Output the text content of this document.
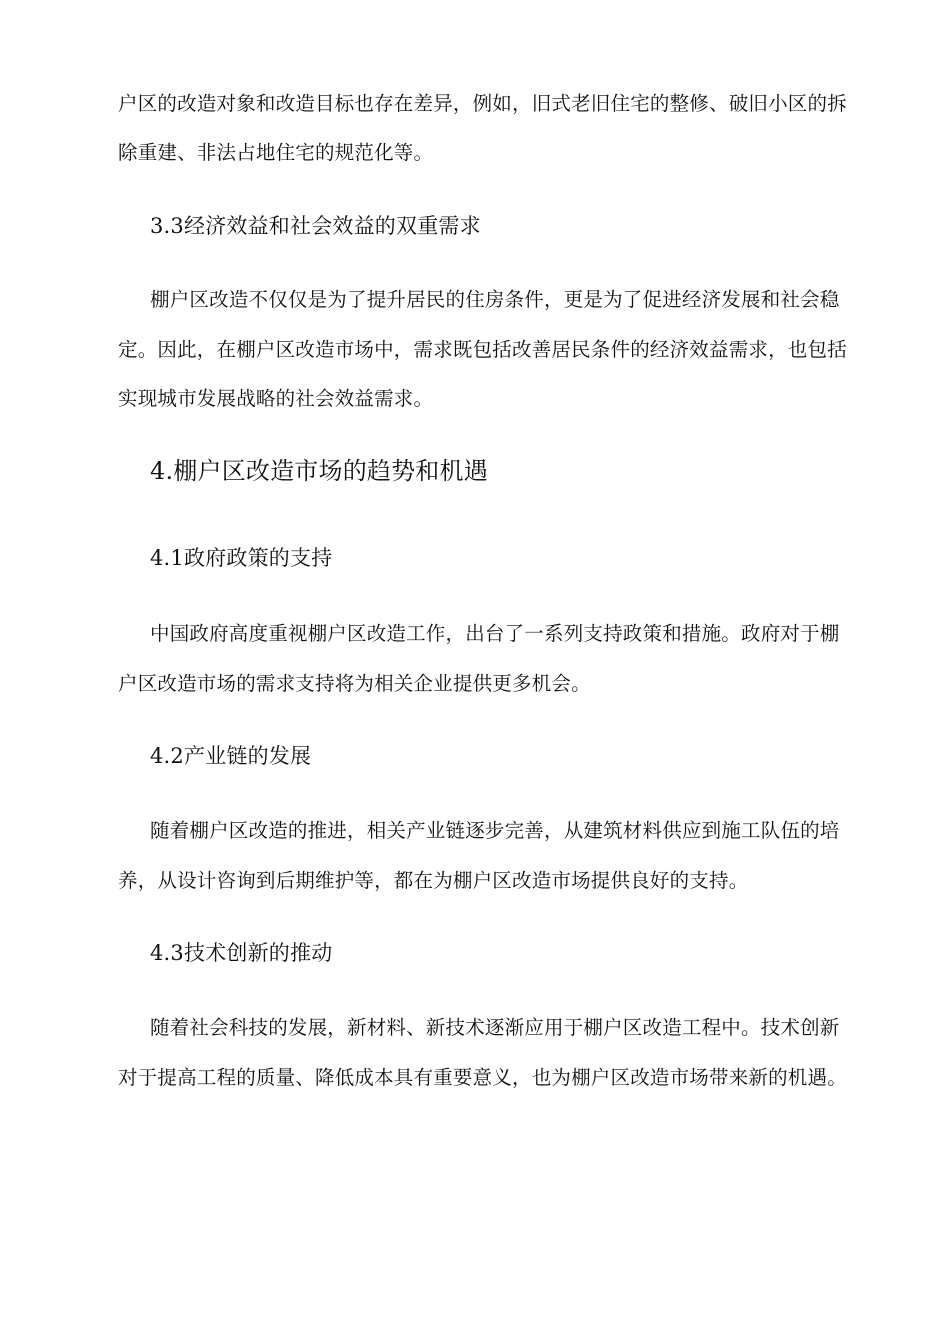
户区的改造对象和改造目标也存在差异，例如，旧式老旧住宅的整修、破旧小区的拆
除重建、非法占地住宅的规范化等。
3.3经济效益和社会效益的双重需求
棚户区改造不仅仅是为了提升居民的住房条件，更是为了促进经济发展和社会稳
定。因此，在棚户区改造市场中，需求既包括改善居民条件的经济效益需求，也包括
实现城市发展战略的社会效益需求。
4.棚户区改造市场的趋势和机遇
4.1政府政策的支持
中国政府高度重视棚户区改造工作，出台了一系列支持政策和措施。政府对于棚
户区改造市场的需求支持将为相关企业提供更多机会。
4.2产业链的发展
随着棚户区改造的推进，相关产业链逐步完善，从建筑材料供应到施工队伍的培
养，从设计咨询到后期维护等，都在为棚户区改造市场提供良好的支持。
4.3技术创新的推动
随着社会科技的发展，新材料、新技术逐渐应用于棚户区改造工程中。技术创新
对于提高工程的质量、降低成本具有重要意义，也为棚户区改造市场带来新的机遇。
